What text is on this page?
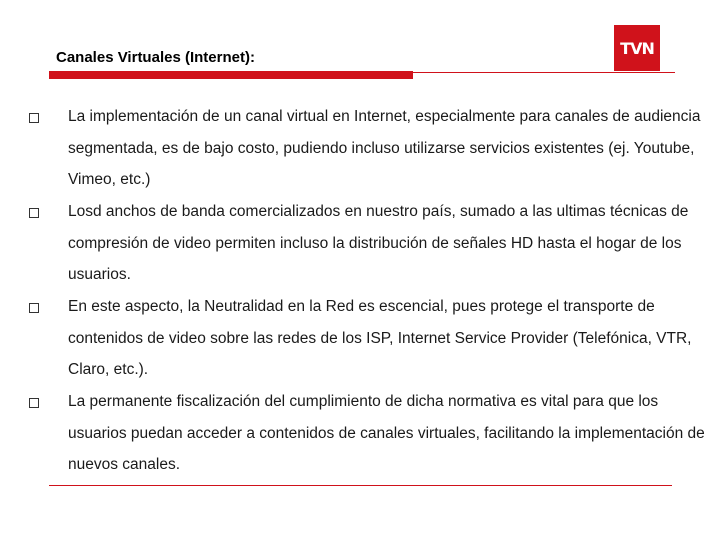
Canales Virtuales (Internet):	TVN
La implementación de un canal virtual en Internet, especialmente para canales de audiencia segmentada, es de bajo costo, pudiendo incluso utilizarse servicios existentes (ej. Youtube, Vimeo, etc.)
Losd anchos de banda comercializados en nuestro país, sumado a las ultimas técnicas de compresión de video permiten incluso la distribución de señales HD hasta el hogar de los usuarios.
En este aspecto, la Neutralidad en la Red es escencial, pues protege el transporte de contenidos de video sobre las redes de los ISP, Internet Service Provider (Telefónica, VTR, Claro, etc.).
La permanente fiscalización del cumplimiento de dicha normativa es vital para que los usuarios puedan acceder a contenidos de canales virtuales, facilitando la implementación de nuevos canales.
